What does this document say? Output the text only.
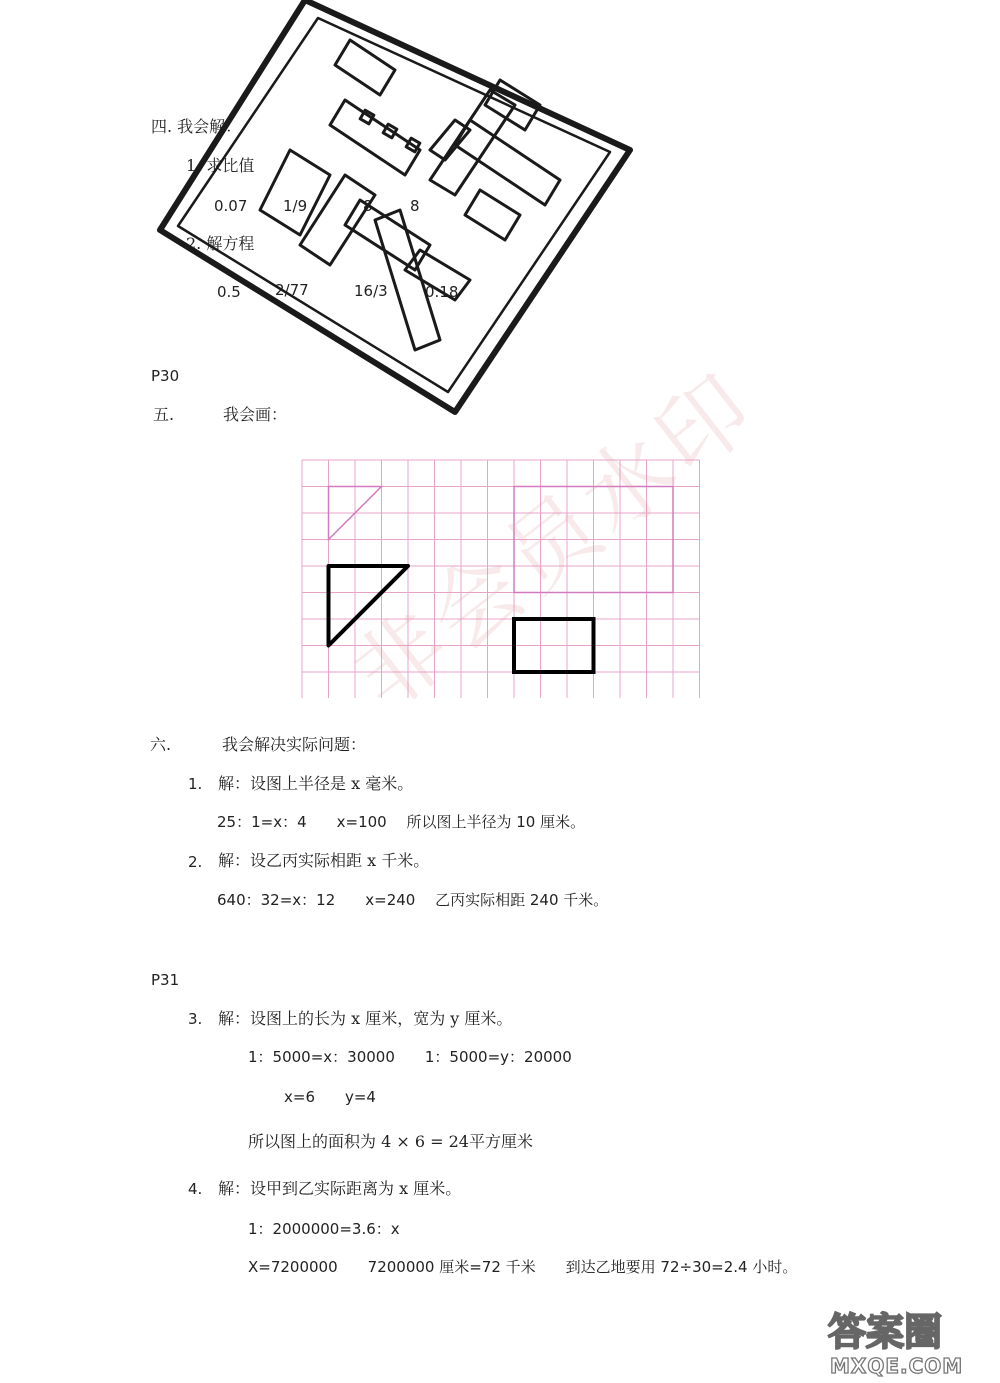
四. 我会解：
1. 求比值
0.07 1/9	8 8
2. 解方程
0.5 2/77	16/3 0.18
P30
五.	我会画：
六.	我会解决实际问题：
1. 解：设图上半径是 x 毫米。
25：1=x：4　　x=100　 所以图上半径为 10 厘米。
2. 解：设乙丙实际相距 x 千米。
640：32=x：12　　x=240　 乙丙实际相距 240 千米。
P31
3. 解：设图上的长为 x 厘米，宽为 y 厘米。
1：5000=x：30000　　1：5000=y：20000
x=6　　y=4
所以图上的面积为 4 × 6 = 24平方厘米
4. 解：设甲到乙实际距离为 x 厘米。
1：2000000=3.6：x
X=7200000　　7200000 厘米=72 千米　　到达乙地要用 72÷30=2.4 小时。
非会员水印
答案圈
MXQE.COM
